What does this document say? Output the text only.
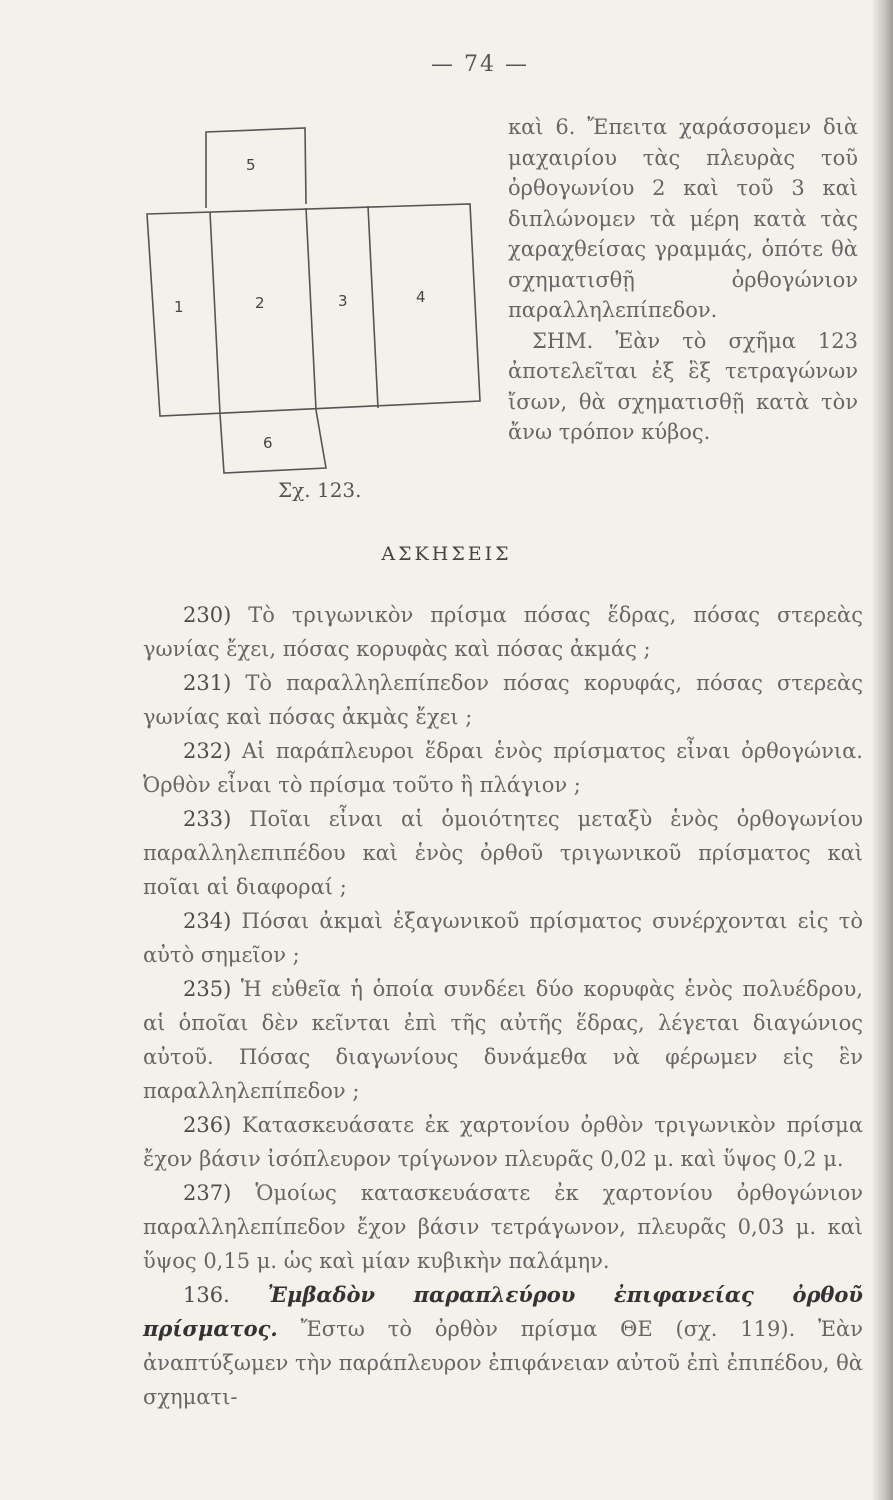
— 74 —
5
1	2	3	4
6
Σχ. 123.

καὶ 6. Ἔπειτα χαράσσομεν διὰ μαχαιρίου τὰς πλευρὰς τοῦ ὀρθογωνίου 2 καὶ τοῦ 3 καὶ διπλώνομεν τὰ μέρη κατὰ τὰς χαραχθείσας γραμμάς, ὁπότε θὰ σχηματισθῇ ὀρθογώνιον παραλληλεπίπεδον.

ΣΗΜ. Ἐὰν τὸ σχῆμα 123 ἀποτελεῖται ἐξ ἓξ τετραγώνων ἴσων, θὰ σχηματισθῇ κατὰ τὸν ἄνω τρόπον κύβος.

ΑΣΚΗΣΕΙΣ

230) Τὸ τριγωνικὸν πρίσμα πόσας ἕδρας, πόσας στερεὰς γωνίας ἔχει, πόσας κορυφὰς καὶ πόσας ἀκμάς ;

231) Τὸ παραλληλεπίπεδον πόσας κορυφάς, πόσας στερεὰς γωνίας καὶ πόσας ἀκμὰς ἔχει ;

232) Αἱ παράπλευροι ἕδραι ἑνὸς πρίσματος εἶναι ὀρθογώνια. Ὀρθὸν εἶναι τὸ πρίσμα τοῦτο ἢ πλάγιον ;

233) Ποῖαι εἶναι αἱ ὁμοιότητες μεταξὺ ἑνὸς ὀρθογωνίου παραλληλεπιπέδου καὶ ἑνὸς ὀρθοῦ τριγωνικοῦ πρίσματος καὶ ποῖαι αἱ διαφοραί ;

234) Πόσαι ἀκμαὶ ἑξαγωνικοῦ πρίσματος συνέρχονται εἰς τὸ αὐτὸ σημεῖον ;

235) Ἡ εὐθεῖα ἡ ὁποία συνδέει δύο κορυφὰς ἑνὸς πολυέδρου, αἱ ὁποῖαι δὲν κεῖνται ἐπὶ τῆς αὐτῆς ἕδρας, λέγεται διαγώνιος αὐτοῦ. Πόσας διαγωνίους δυνάμεθα νὰ φέρωμεν εἰς ἓν παραλληλεπίπεδον ;

236) Κατασκευάσατε ἐκ χαρτονίου ὀρθὸν τριγωνικὸν πρίσμα ἔχον βάσιν ἰσόπλευρον τρίγωνον πλευρᾶς 0,02 μ. καὶ ὕψος 0,2 μ.

237) Ὁμοίως κατασκευάσατε ἐκ χαρτονίου ὀρθογώνιον παραλληλεπίπεδον ἔχον βάσιν τετράγωνον, πλευρᾶς 0,03 μ. καὶ ὕψος 0,15 μ. ὡς καὶ μίαν κυβικὴν παλάμην.

136. Ἐμβαδὸν παραπλεύρου ἐπιφανείας ὀρθοῦ πρίσματος. Ἔστω τὸ ὀρθὸν πρίσμα ΘΕ (σχ. 119). Ἐὰν ἀναπτύξωμεν τὴν παράπλευρον ἐπιφάνειαν αὐτοῦ ἐπὶ ἐπιπέδου, θὰ σχηματι-
